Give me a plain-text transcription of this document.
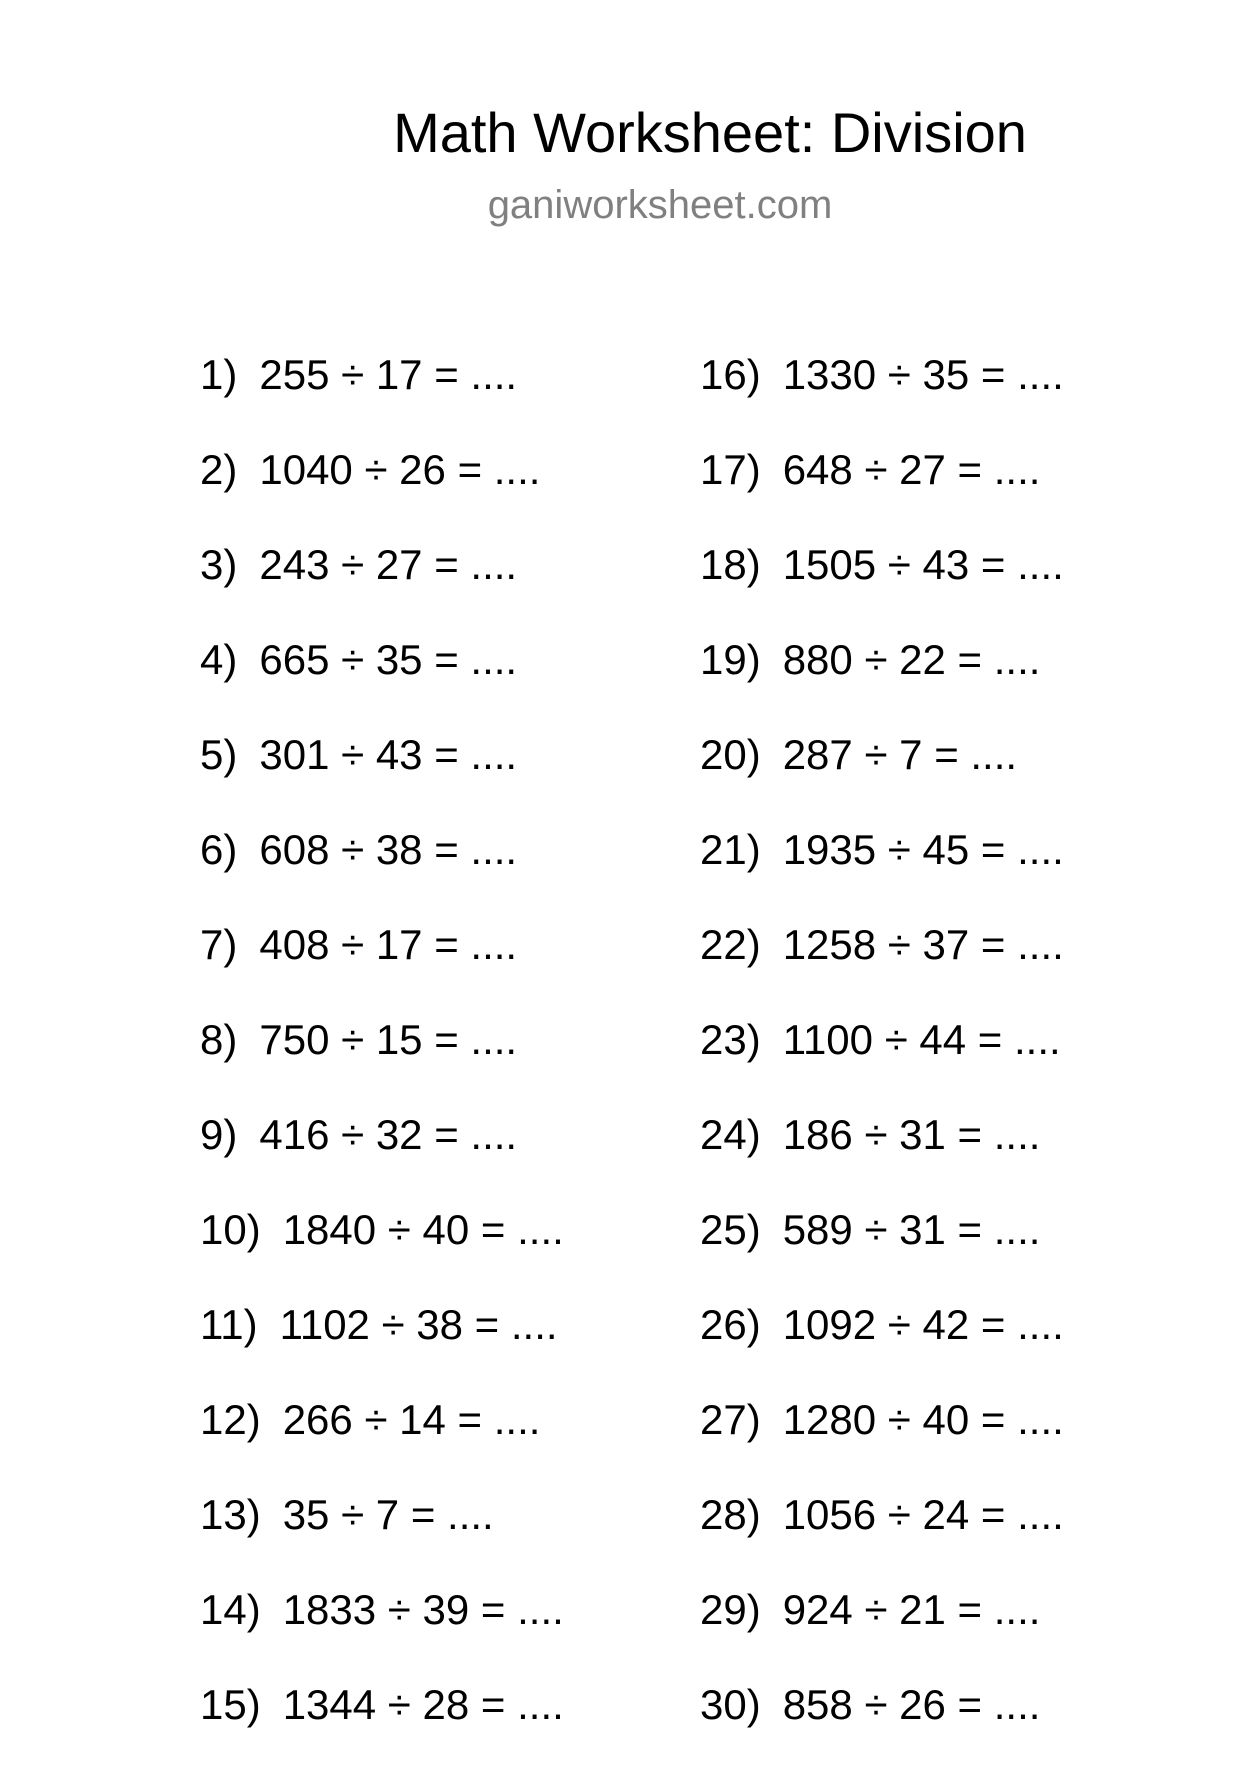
Math Worksheet: Division
ganiworksheet.com
1) 255 ÷ 17 = ....
2) 1040 ÷ 26 = ....
3) 243 ÷ 27 = ....
4) 665 ÷ 35 = ....
5) 301 ÷ 43 = ....
6) 608 ÷ 38 = ....
7) 408 ÷ 17 = ....
8) 750 ÷ 15 = ....
9) 416 ÷ 32 = ....
10) 1840 ÷ 40 = ....
11) 1102 ÷ 38 = ....
12) 266 ÷ 14 = ....
13) 35 ÷ 7 = ....
14) 1833 ÷ 39 = ....
15) 1344 ÷ 28 = ....
16) 1330 ÷ 35 = ....
17) 648 ÷ 27 = ....
18) 1505 ÷ 43 = ....
19) 880 ÷ 22 = ....
20) 287 ÷ 7 = ....
21) 1935 ÷ 45 = ....
22) 1258 ÷ 37 = ....
23) 1100 ÷ 44 = ....
24) 186 ÷ 31 = ....
25) 589 ÷ 31 = ....
26) 1092 ÷ 42 = ....
27) 1280 ÷ 40 = ....
28) 1056 ÷ 24 = ....
29) 924 ÷ 21 = ....
30) 858 ÷ 26 = ....
